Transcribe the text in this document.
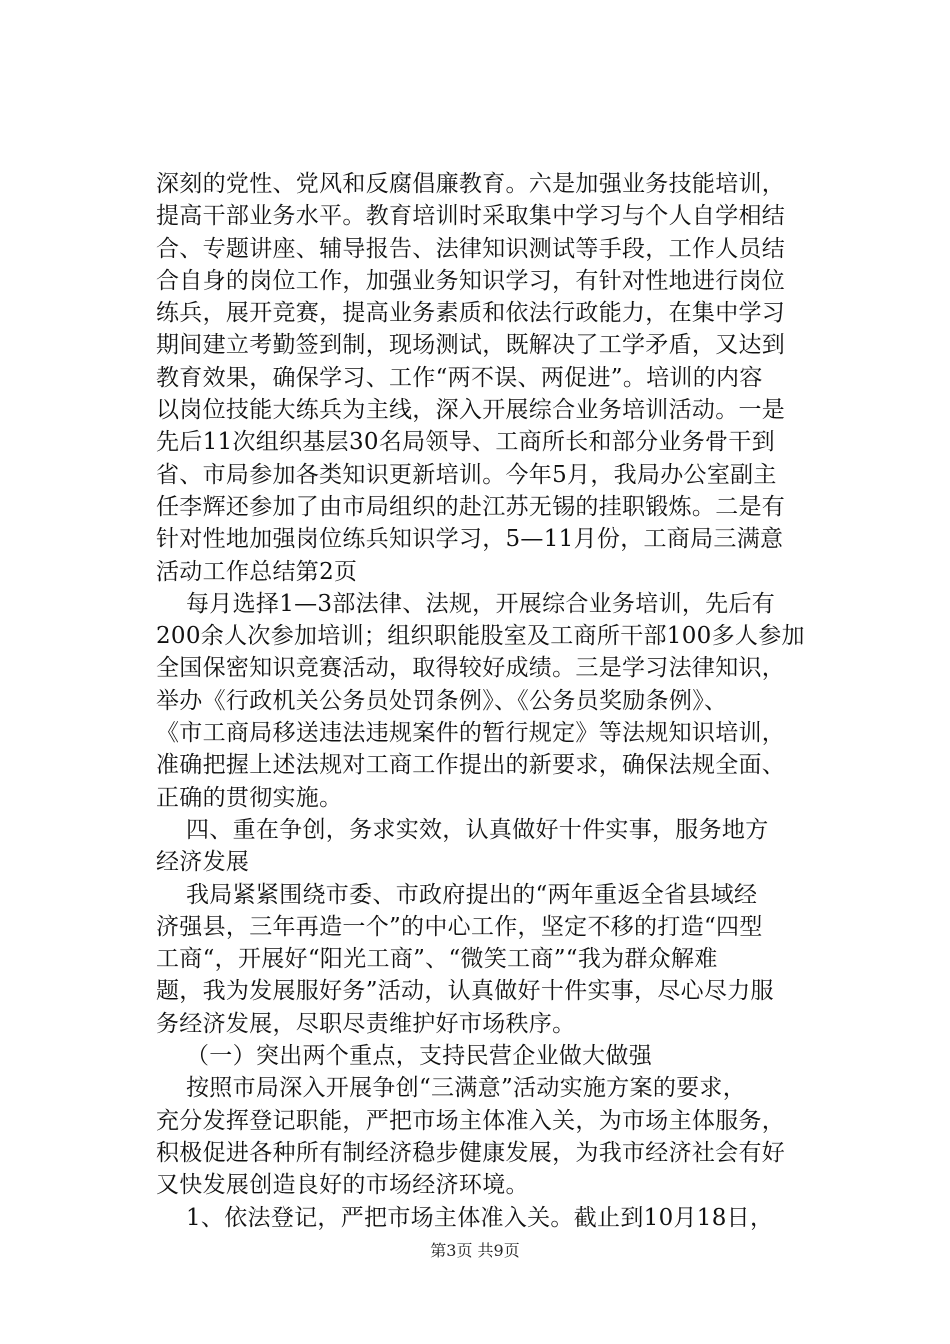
深刻的党性、党风和反腐倡廉教育。六是加强业务技能培训，
提高干部业务水平。教育培训时采取集中学习与个人自学相结
合、专题讲座、辅导报告、法律知识测试等手段，工作人员结
合自身的岗位工作，加强业务知识学习，有针对性地进行岗位
练兵，展开竞赛，提高业务素质和依法行政能力，在集中学习
期间建立考勤签到制，现场测试，既解决了工学矛盾，又达到
教育效果，确保学习、工作“两不误、两促进”。培训的内容
以岗位技能大练兵为主线，深入开展综合业务培训活动。一是
先后11次组织基层30名局领导、工商所长和部分业务骨干到
省、市局参加各类知识更新培训。今年5月，我局办公室副主
任李辉还参加了由市局组织的赴江苏无锡的挂职锻炼。二是有
针对性地加强岗位练兵知识学习，5—11月份，工商局三满意
活动工作总结第2页
每月选择1—3部法律、法规，开展综合业务培训，先后有
200余人次参加培训；组织职能股室及工商所干部100多人参加
全国保密知识竞赛活动，取得较好成绩。三是学习法律知识，
举办《行政机关公务员处罚条例》、《公务员奖励条例》、
《市工商局移送违法违规案件的暂行规定》等法规知识培训，
准确把握上述法规对工商工作提出的新要求，确保法规全面、
正确的贯彻实施。
四、重在争创，务求实效，认真做好十件实事，服务地方
经济发展
我局紧紧围绕市委、市政府提出的“两年重返全省县域经
济强县，三年再造一个”的中心工作，坚定不移的打造“四型
工商“，开展好“阳光工商”、“微笑工商”“我为群众解难
题，我为发展服好务”活动，认真做好十件实事，尽心尽力服
务经济发展，尽职尽责维护好市场秩序。
（一）突出两个重点，支持民营企业做大做强
按照市局深入开展争创“三满意”活动实施方案的要求，
充分发挥登记职能，严把市场主体准入关，为市场主体服务，
积极促进各种所有制经济稳步健康发展，为我市经济社会有好
又快发展创造良好的市场经济环境。
1、依法登记，严把市场主体准入关。截止到10月18日，
第3页 共9页
